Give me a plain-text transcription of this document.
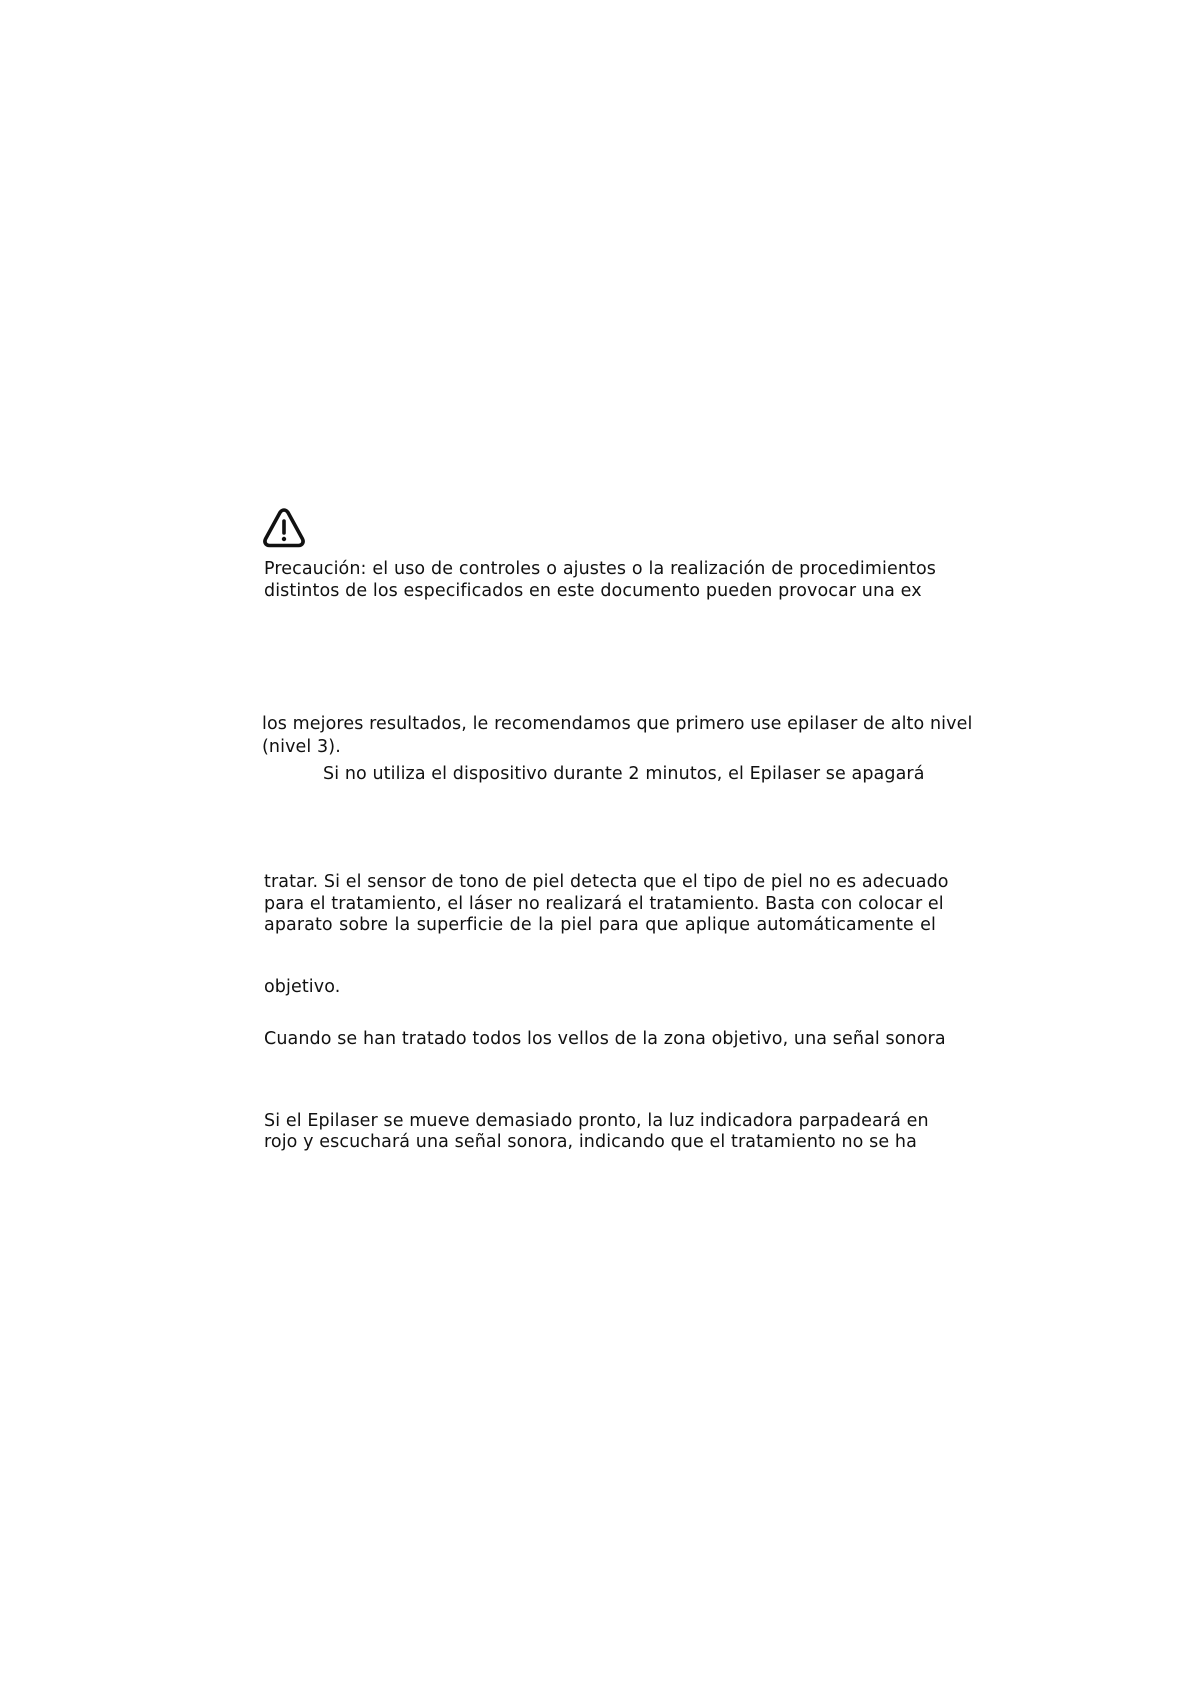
Precaución: el uso de controles o ajustes o la realización de procedimientos
distintos de los especificados en este documento pueden provocar una ex
los mejores resultados, le recomendamos que primero use epilaser de alto nivel
(nivel 3).
Si no utiliza el dispositivo durante 2 minutos, el Epilaser se apagará
tratar. Si el sensor de tono de piel detecta que el tipo de piel no es adecuado
para el tratamiento, el láser no realizará el tratamiento. Basta con colocar el
aparato sobre la superficie de la piel para que aplique automáticamente el
objetivo.
Cuando se han tratado todos los vellos de la zona objetivo, una señal sonora
Si el Epilaser se mueve demasiado pronto, la luz indicadora parpadeará en
rojo y escuchará una señal sonora, indicando que el tratamiento no se ha
